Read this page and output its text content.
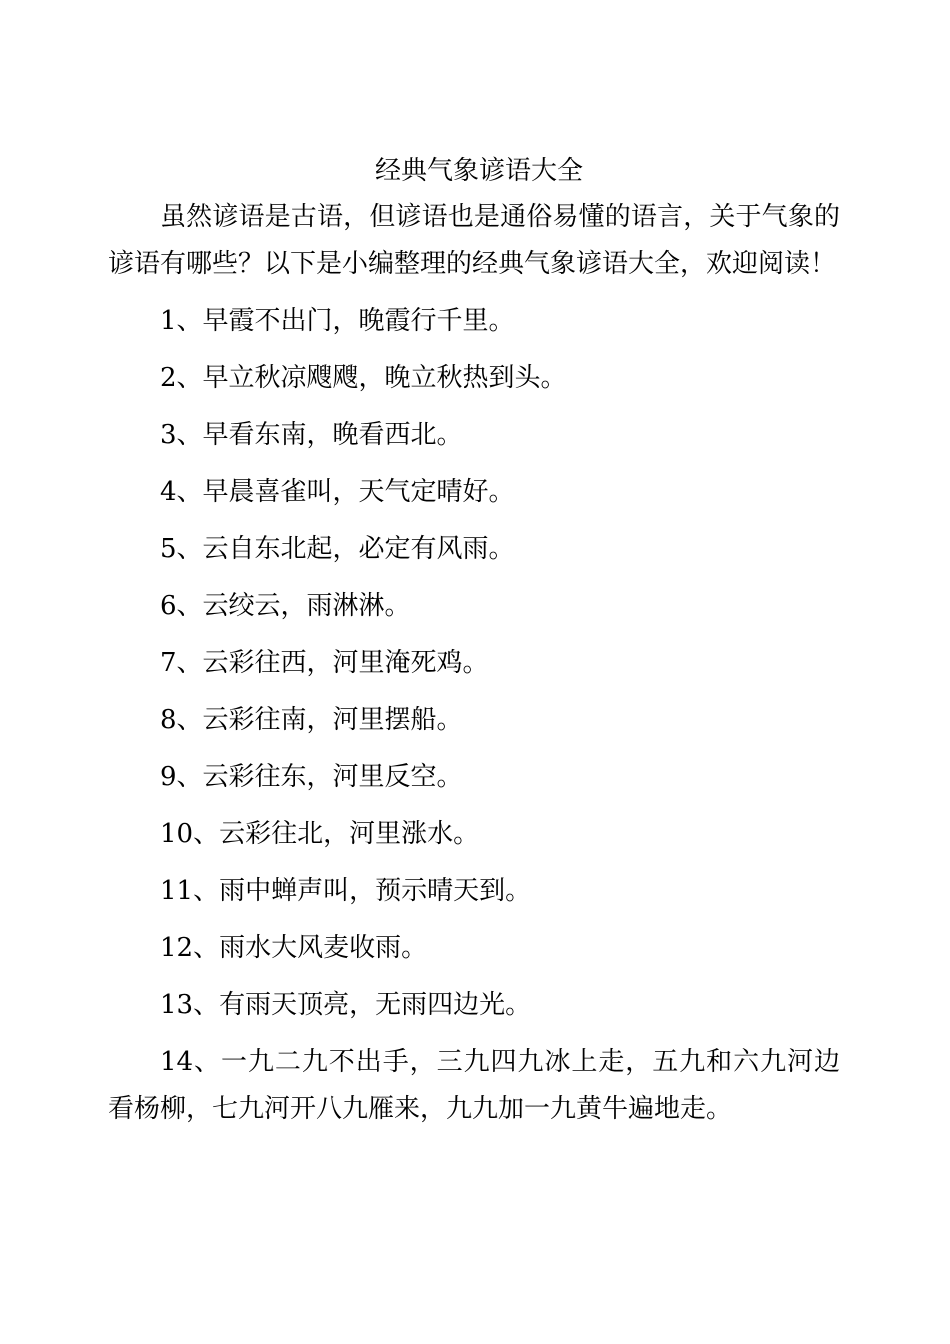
经典气象谚语大全

虽然谚语是古语，但谚语也是通俗易懂的语言，关于气象的谚语有哪些？以下是小编整理的经典气象谚语大全，欢迎阅读！

1、早霞不出门，晚霞行千里。
2、早立秋凉飕飕，晚立秋热到头。
3、早看东南，晚看西北。
4、早晨喜雀叫，天气定晴好。
5、云自东北起，必定有风雨。
6、云绞云，雨淋淋。
7、云彩往西，河里淹死鸡。
8、云彩往南，河里摆船。
9、云彩往东，河里反空。
10、云彩往北，河里涨水。
11、雨中蝉声叫，预示晴天到。
12、雨水大风麦收雨。
13、有雨天顶亮，无雨四边光。
14、一九二九不出手，三九四九冰上走，五九和六九河边看杨柳，七九河开八九雁来，九九加一九黄牛遍地走。
